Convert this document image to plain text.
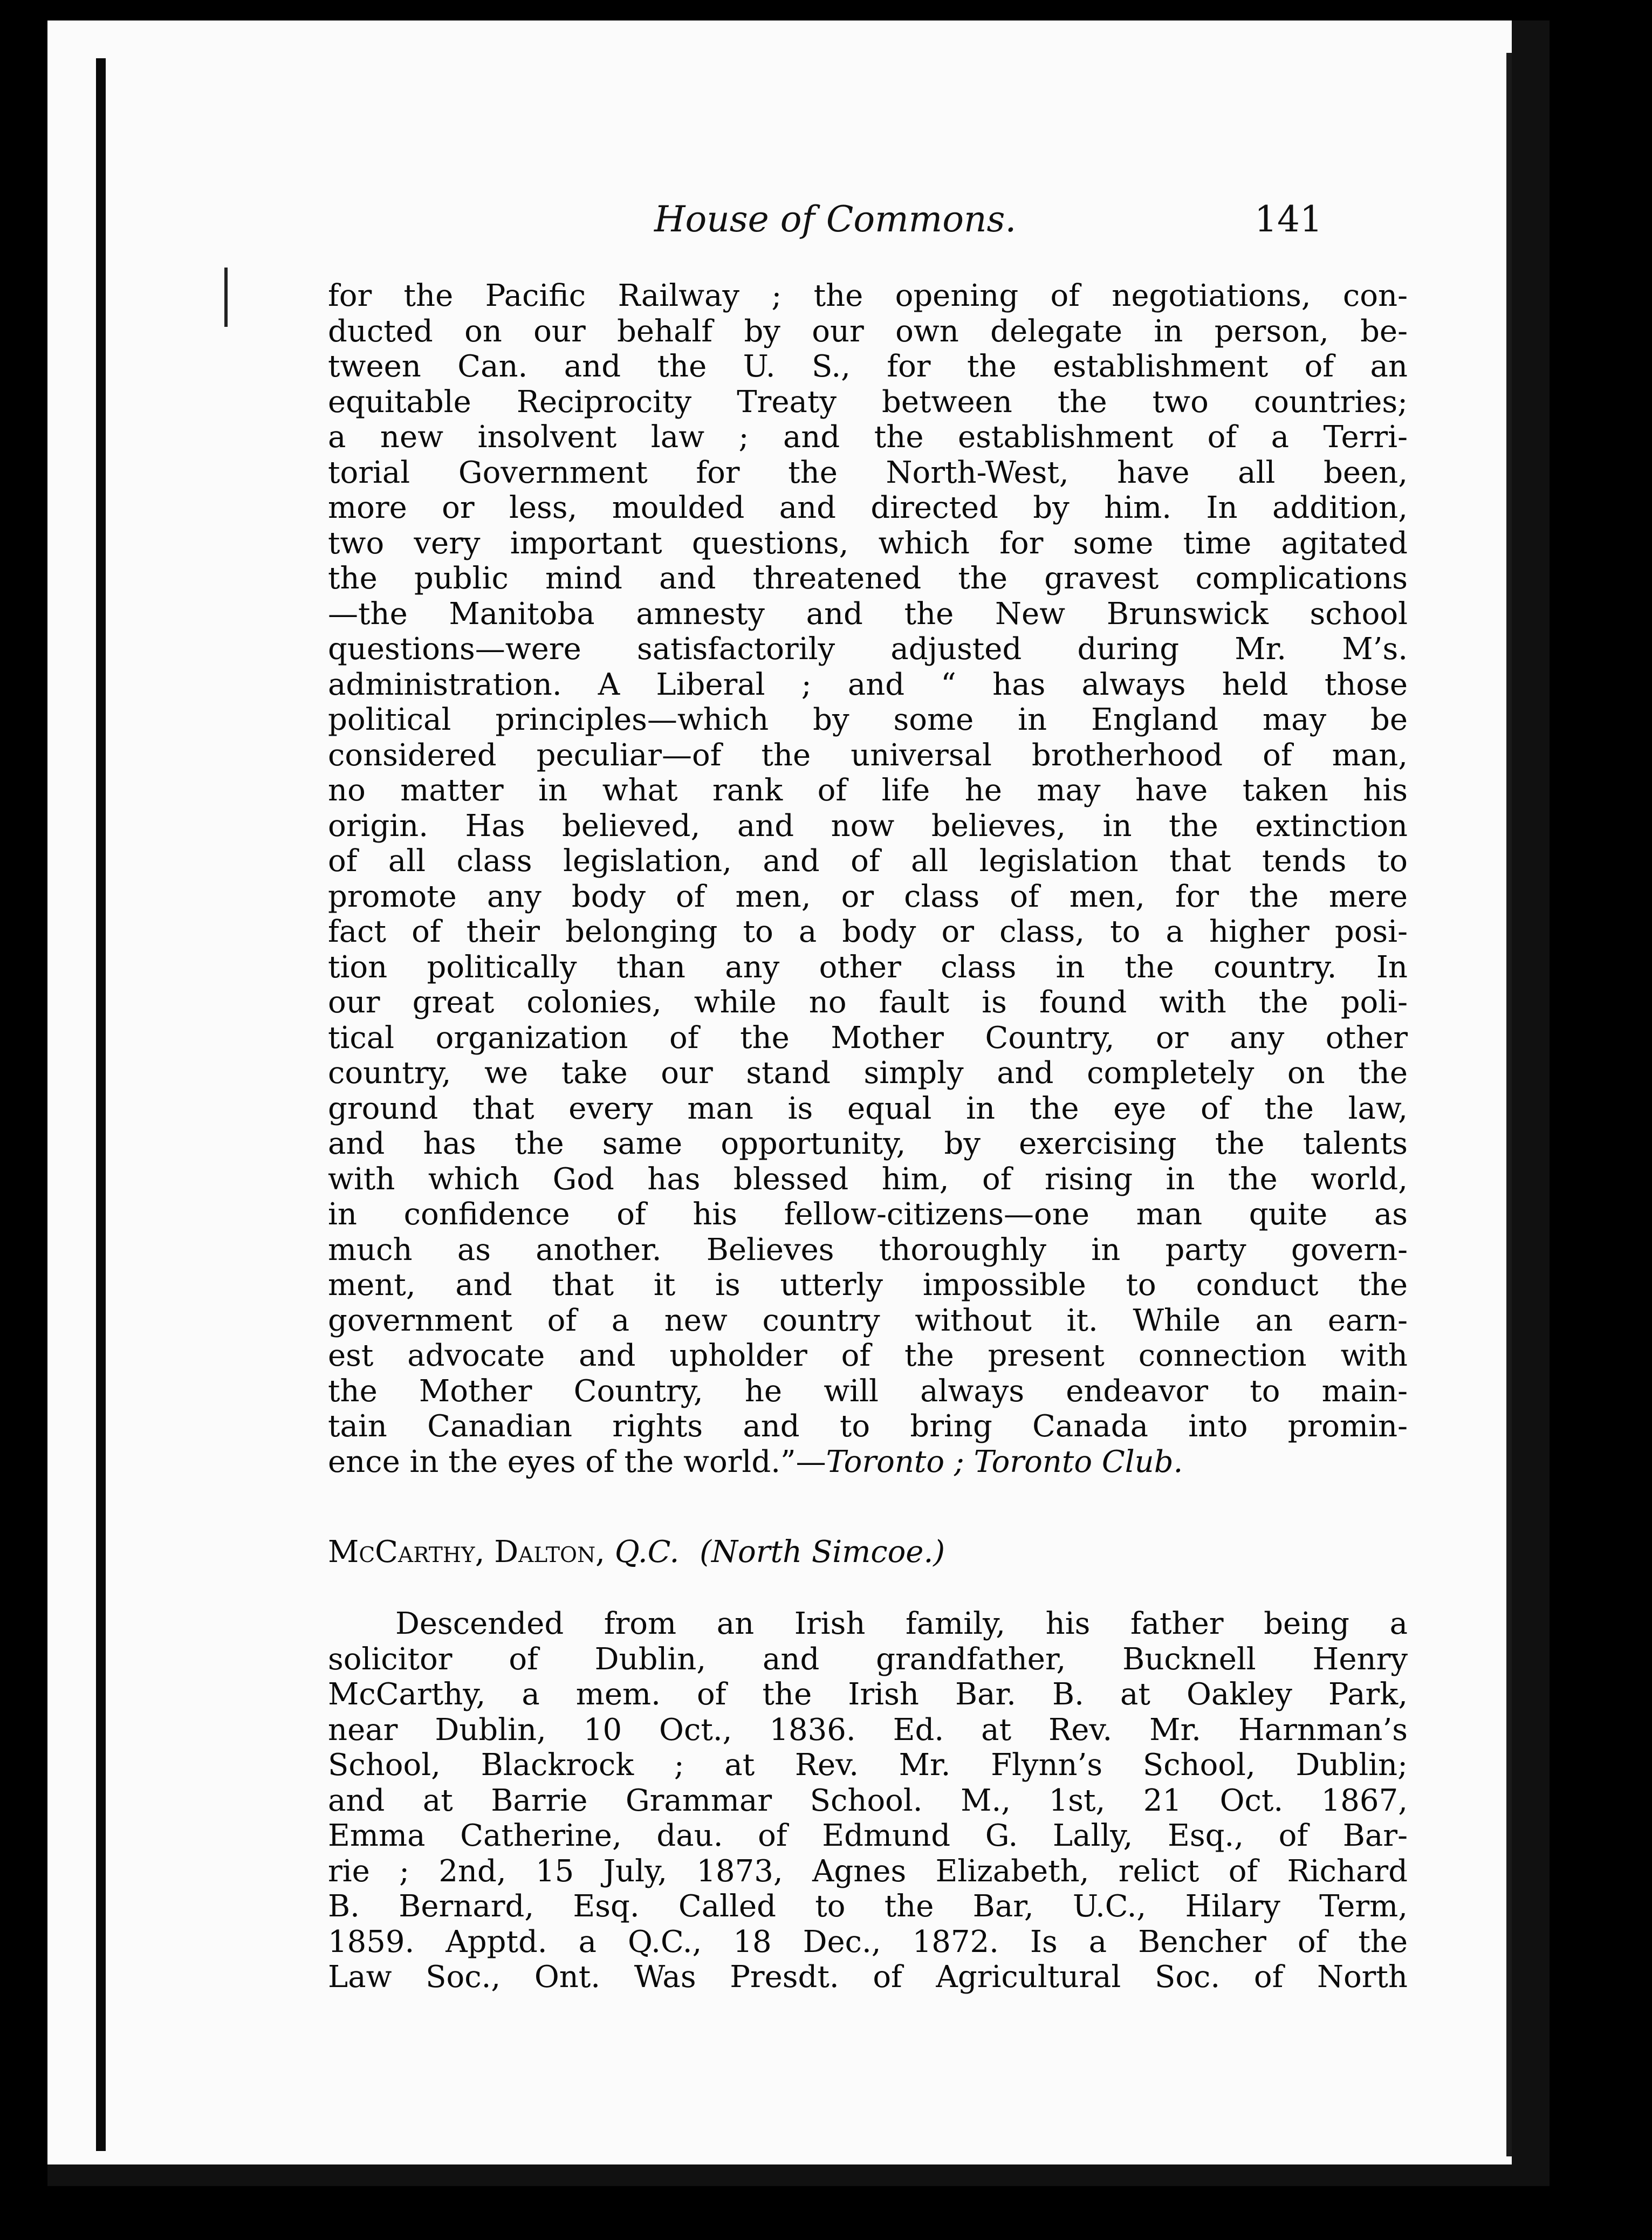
House of Commons.	141
for the Pacific Railway ; the opening of negotiations, con-
ducted on our behalf by our own delegate in person, be-
tween Can. and the U. S., for the establishment of an
equitable Reciprocity Treaty between the two countries;
a new insolvent law ; and the establishment of a Terri-
torial Government for the North-West, have all been,
more or less, moulded and directed by him. In addition,
two very important questions, which for some time agitated
the public mind and threatened the gravest complications
—the Manitoba amnesty and the New Brunswick school
questions—were satisfactorily adjusted during Mr. M’s.
administration. A Liberal ; and “ has always held those
political principles—which by some in England may be
considered peculiar—of the universal brotherhood of man,
no matter in what rank of life he may have taken his
origin. Has believed, and now believes, in the extinction
of all class legislation, and of all legislation that tends to
promote any body of men, or class of men, for the mere
fact of their belonging to a body or class, to a higher posi-
tion politically than any other class in the country. In
our great colonies, while no fault is found with the poli-
tical organization of the Mother Country, or any other
country, we take our stand simply and completely on the
ground that every man is equal in the eye of the law,
and has the same opportunity, by exercising the talents
with which God has blessed him, of rising in the world,
in confidence of his fellow-citizens—one man quite as
much as another. Believes thoroughly in party govern-
ment, and that it is utterly impossible to conduct the
government of a new country without it. While an earn-
est advocate and upholder of the present connection with
the Mother Country, he will always endeavor to main-
tain Canadian rights and to bring Canada into promin-
ence in the eyes of the world.”—Toronto ; Toronto Club.
McCarthy, Dalton, Q.C. (North Simcoe.)
Descended from an Irish family, his father being a
solicitor of Dublin, and grandfather, Bucknell Henry
McCarthy, a mem. of the Irish Bar. B. at Oakley Park,
near Dublin, 10 Oct., 1836. Ed. at Rev. Mr. Harnman’s
School, Blackrock ; at Rev. Mr. Flynn’s School, Dublin;
and at Barrie Grammar School. M., 1st, 21 Oct. 1867,
Emma Catherine, dau. of Edmund G. Lally, Esq., of Bar-
rie ; 2nd, 15 July, 1873, Agnes Elizabeth, relict of Richard
B. Bernard, Esq. Called to the Bar, U.C., Hilary Term,
1859. Apptd. a Q.C., 18 Dec., 1872. Is a Bencher of the
Law Soc., Ont. Was Presdt. of Agricultural Soc. of North
